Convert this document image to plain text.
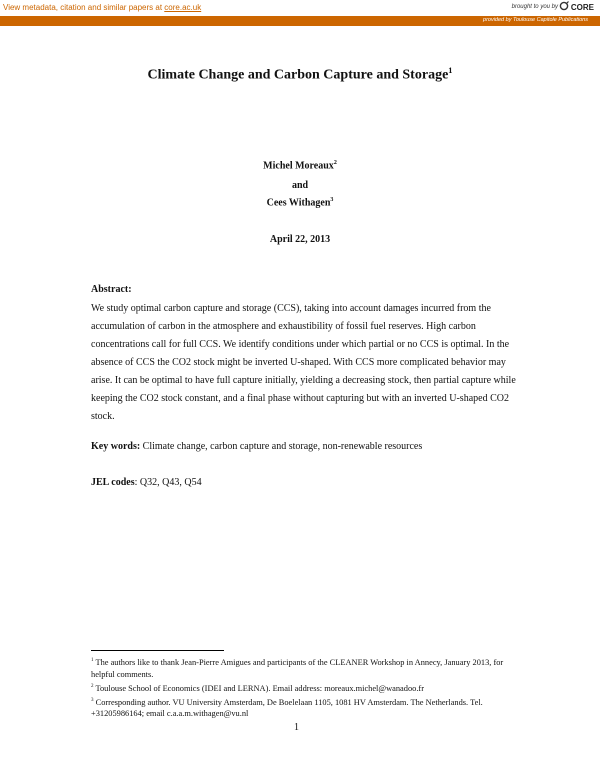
View metadata, citation and similar papers at core.ac.uk	brought to you by	CORE
provided by Toulouse Capitole Publications
Climate Change and Carbon Capture and Storage$^1$
Michel Moreaux$^2$
and
Cees Withagen$^3$
April 22, 2013
Abstract:
We study optimal carbon capture and storage (CCS), taking into account damages incurred from the accumulation of carbon in the atmosphere and exhaustibility of fossil fuel reserves. High carbon concentrations call for full CCS. We identify conditions under which partial or no CCS is optimal. In the absence of CCS the CO2 stock might be inverted U-shaped. With CCS more complicated behavior may arise. It can be optimal to have full capture initially, yielding a decreasing stock, then partial capture while keeping the CO2 stock constant, and a final phase without capturing but with an inverted U-shaped CO2 stock.
Key words: Climate change, carbon capture and storage, non-renewable resources
JEL codes: Q32, Q43, Q54
$^1$ The authors like to thank Jean-Pierre Amigues and participants of the CLEANER Workshop in Annecy, January 2013, for helpful comments.
$^2$ Toulouse School of Economics (IDEI and LERNA). Email address: moreaux.michel@wanadoo.fr
$^3$ Corresponding author. VU University Amsterdam, De Boelelaan 1105, 1081 HV Amsterdam. The Netherlands. Tel. +31205986164; email c.a.a.m.withagen@vu.nl
1
